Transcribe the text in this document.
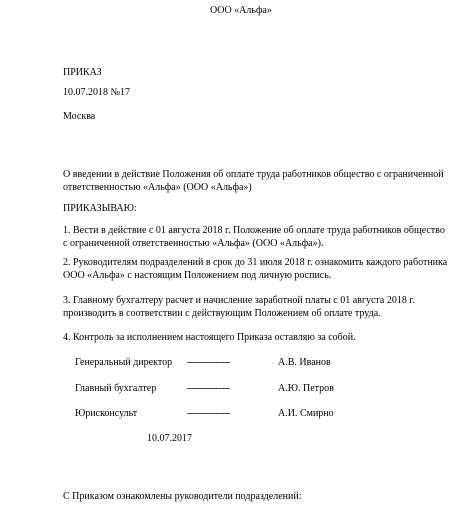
ООО «Альфа»
ПРИКАЗ
10.07.2018 №17
Москва
О введении в действие Положения об оплате труда работников общество с ограниченной
ответственностью «Альфа» (ООО «Альфа»)
ПРИКАЗЫВАЮ:
1. Вести в действие с 01 августа 2018 г. Положение об оплате труда работников общество
с ограниченной ответственностью «Альфа» (ООО «Альфа»).
2. Руководителям подразделений в срок до 31 июля 2018 г. ознакомить каждого работника
ООО «Альфа» с настоящим Положением под личную роспись.
3. Главному бухгалтеру расчет и начисление заработной платы с 01 августа 2018 г.
производить в соответствии с действующим Положением об оплате труда.
4. Контроль за исполнением настоящего Приказа оставляю за собой.
Генеральный директор ---------------	А.В. Иванов
Главный бухгалтер	---------------	А.Ю. Петров
Юрисконсульт	---------------	А.И. Смирно
10.07.2017
С Приказом ознакомлены руководители подразделений:
